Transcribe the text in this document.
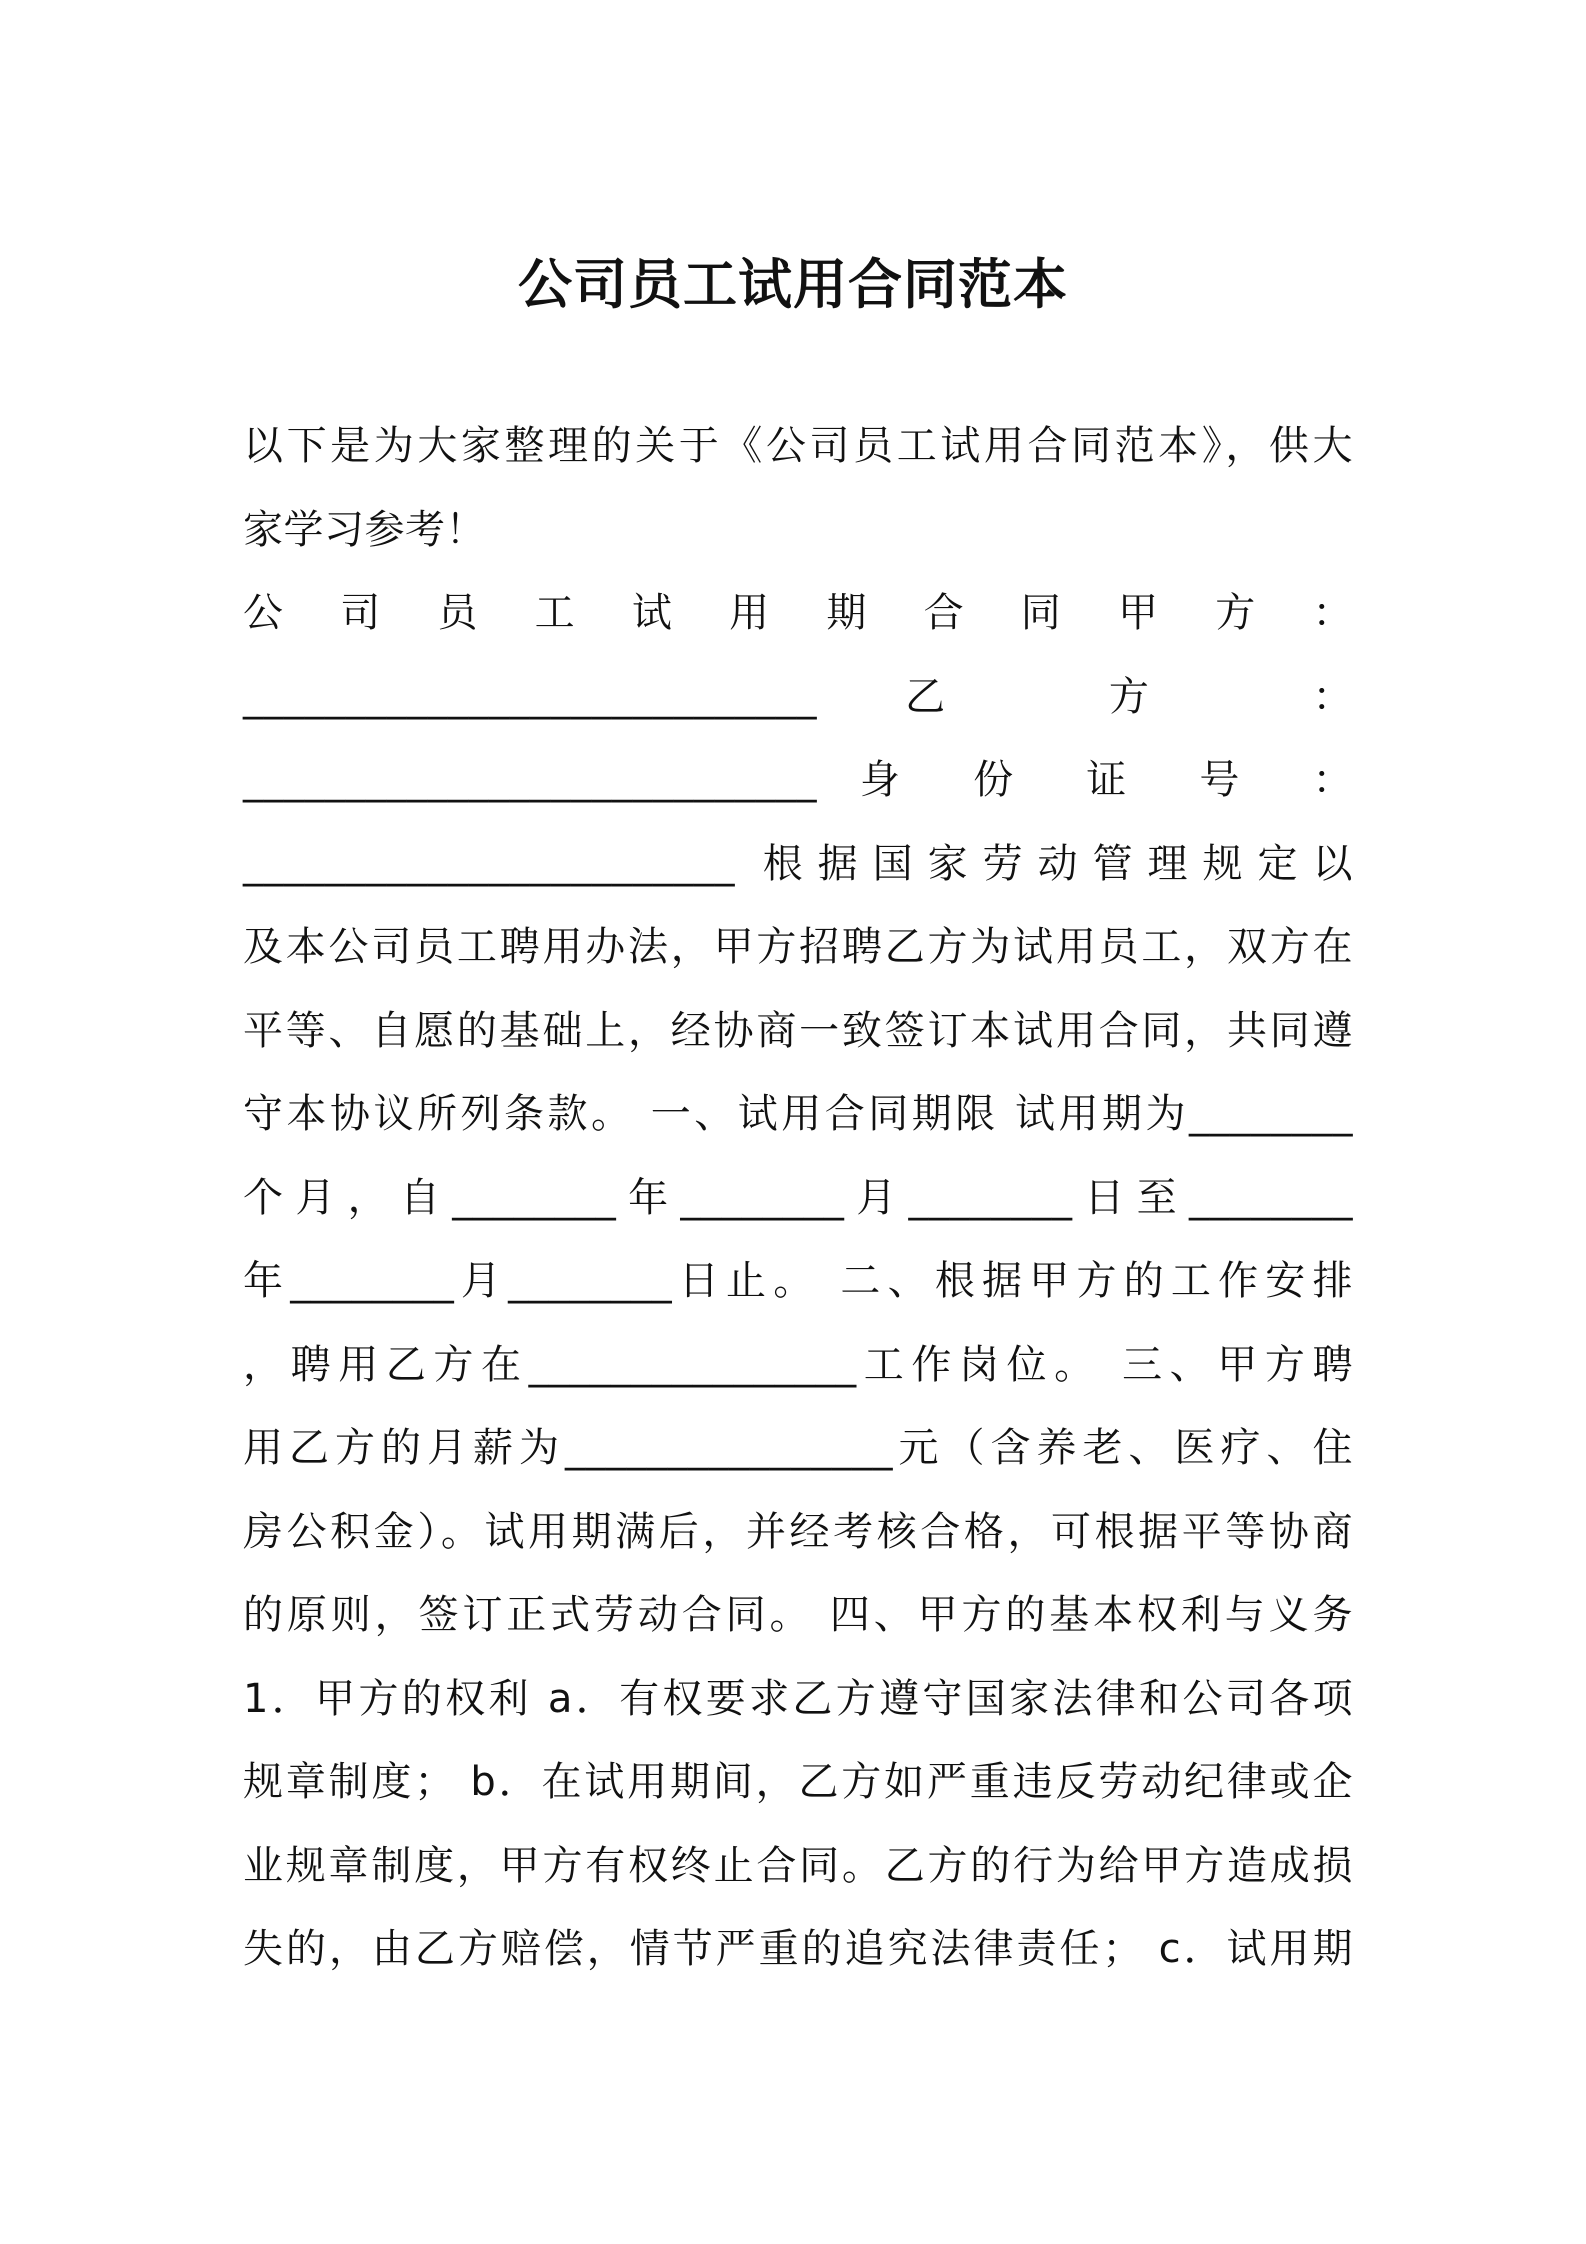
公司员工试用合同范本
以下是为大家整理的关于《公司员工试用合同范本》，供大
家学习参考！
公 司 员 工 试 用 期 合 同 甲 方 ：
____________________________ 乙 方 ：
____________________________ 身 份 证 号 ：
________________________ 根据国家劳动管理规定以
及本公司员工聘用办法，甲方招聘乙方为试用员工，双方在
平等、自愿的基础上，经协商一致签订本试用合同，共同遵
守本协议所列条款。 一、试用合同期限 试用期为________
个月，自________年________月________日至________
年________月________日止。 二、根据甲方的工作安排
，聘用乙方在________________工作岗位。 三、甲方聘
用乙方的月薪为________________元（含养老、医疗、住
房公积金）。试用期满后，并经考核合格，可根据平等协商
的原则，签订正式劳动合同。 四、甲方的基本权利与义务
1．甲方的权利 a．有权要求乙方遵守国家法律和公司各项
规章制度； b．在试用期间，乙方如严重违反劳动纪律或企
业规章制度，甲方有权终止合同。乙方的行为给甲方造成损
失的，由乙方赔偿，情节严重的追究法律责任； c．试用期
